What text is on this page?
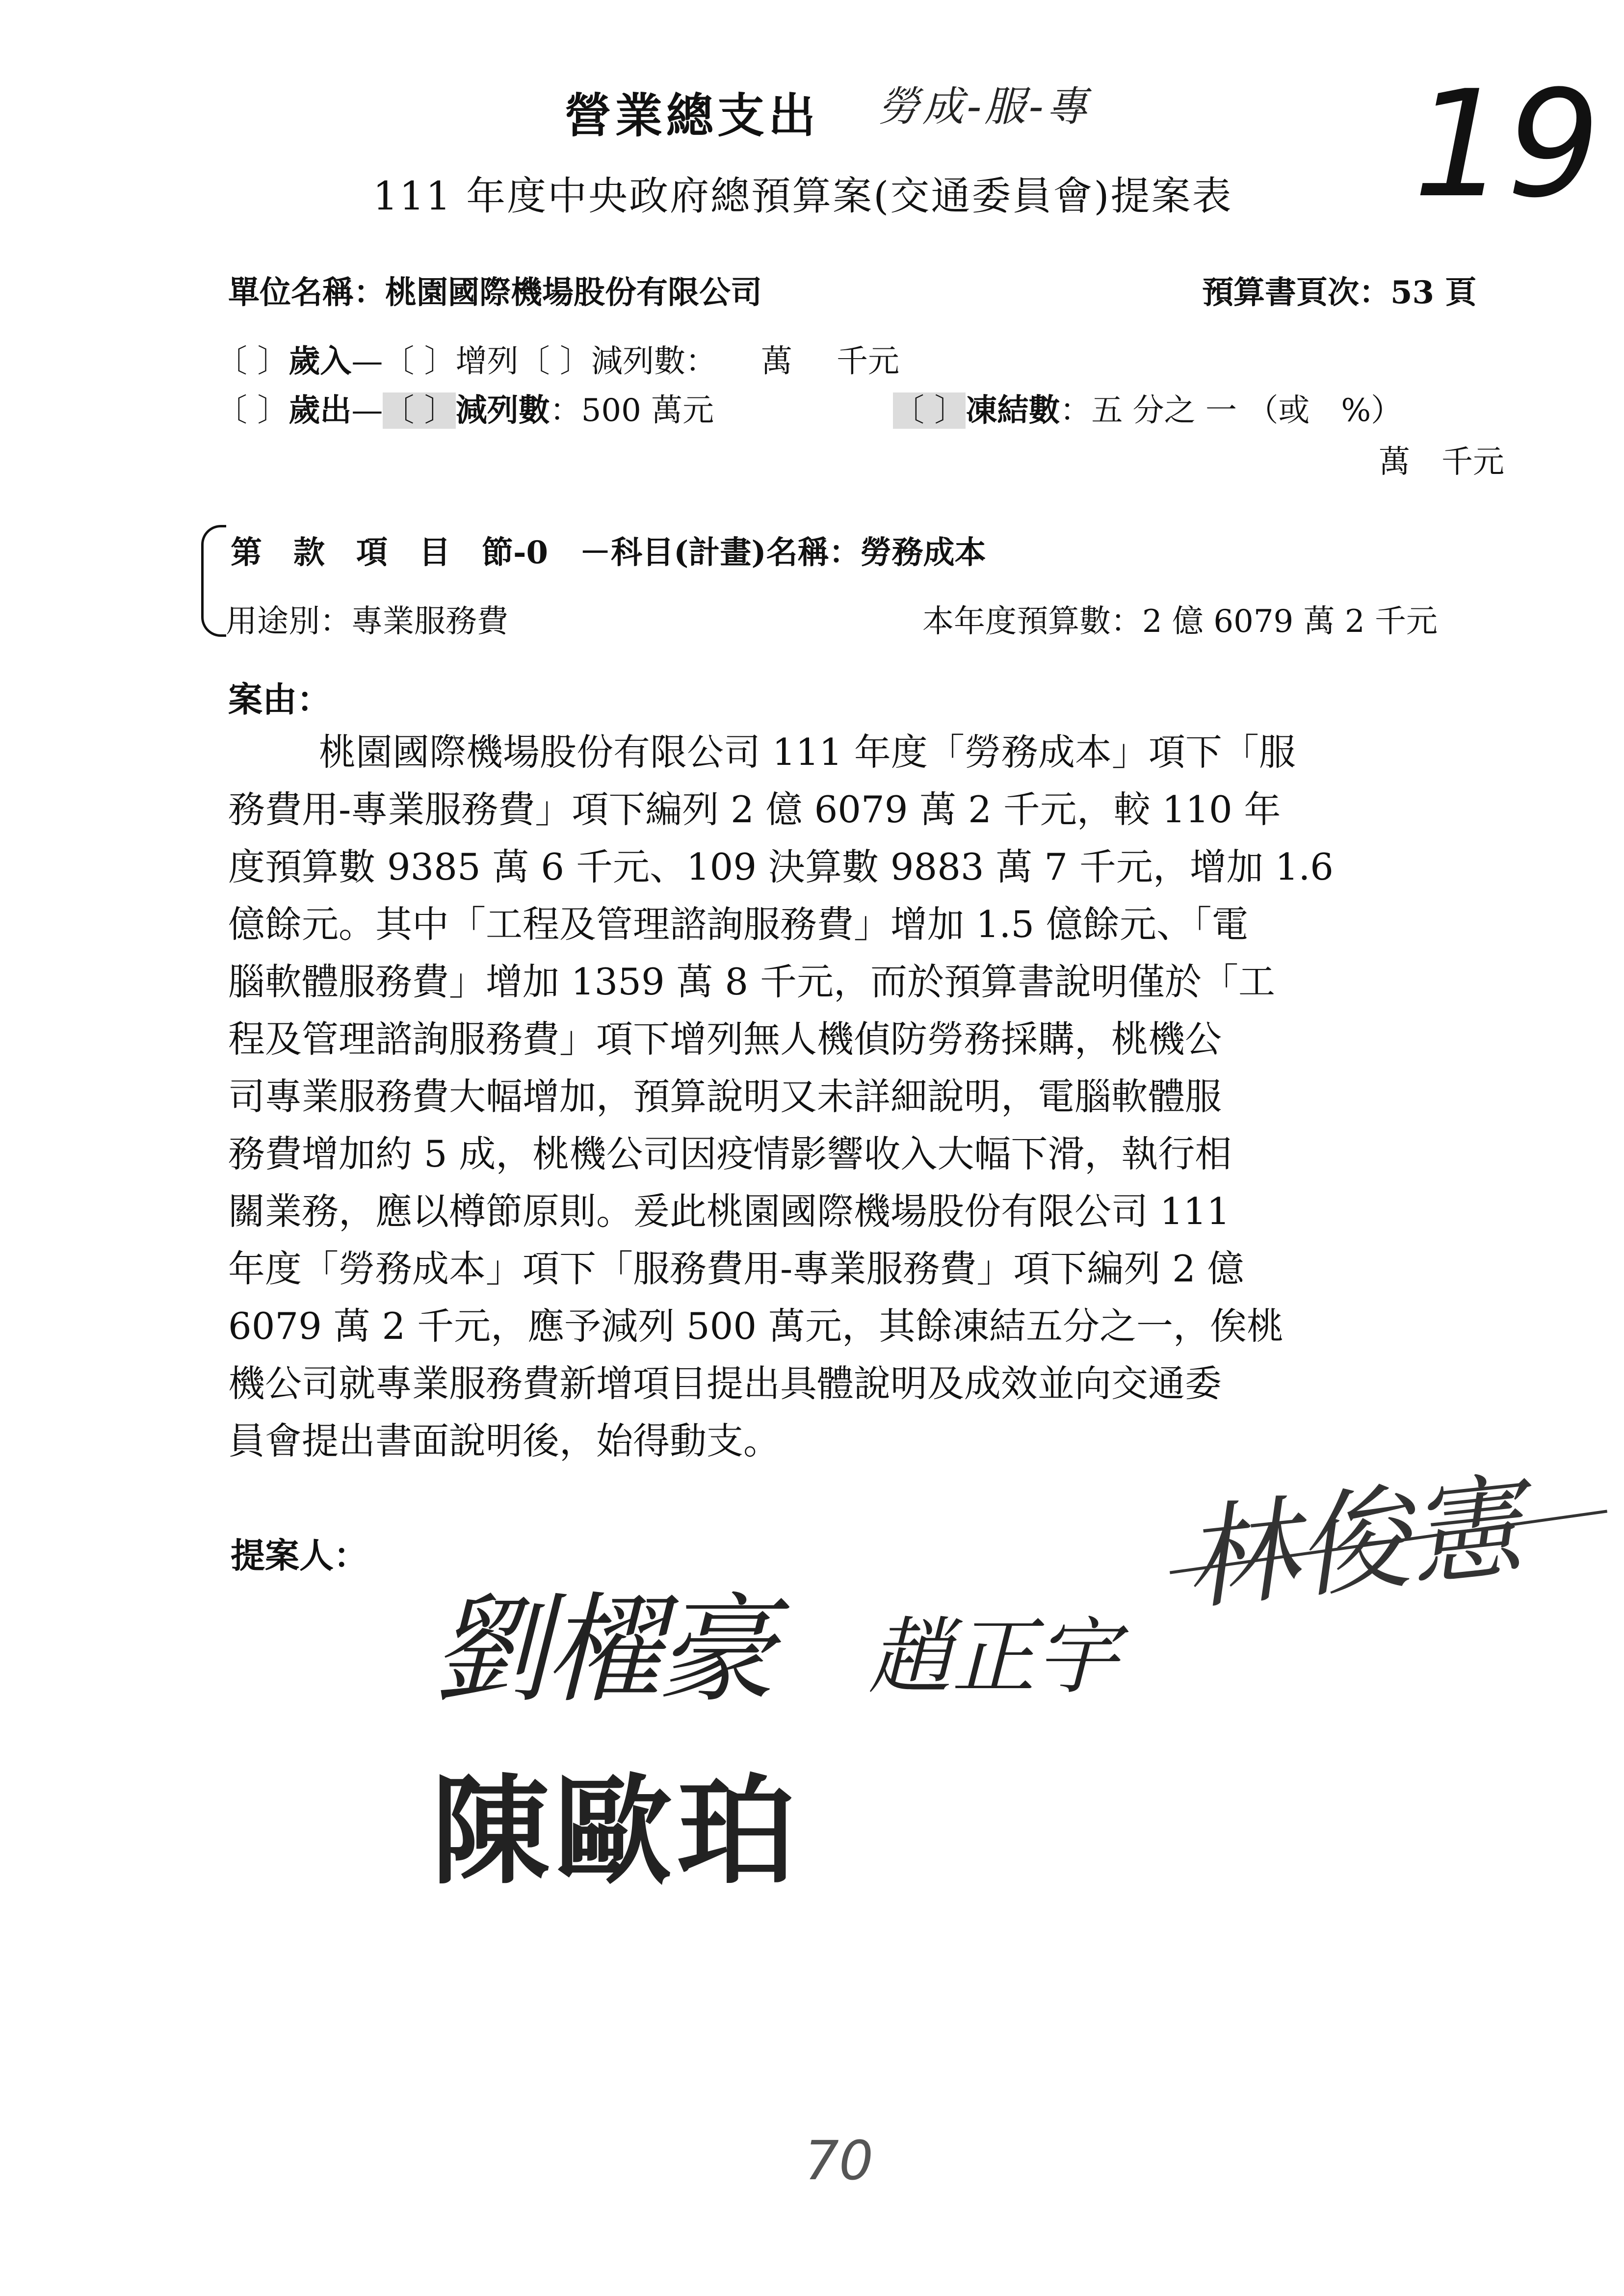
營業總支出 勞成-服-專 19
111 年度中央政府總預算案(交通委員會)提案表
單位名稱：桃園國際機場股份有限公司	預算書頁次：53 頁
〔 〕歲入—〔 〕增列〔 〕減列數： 萬 千元
〔 〕歲出—〔 〕減列數：500 萬元	〔 〕凍結數：五 分之 一 （或　%）
萬　千元
第　款　項　目　節-0　－科目(計畫)名稱：勞務成本
用途別：專業服務費	本年度預算數：2 億 6079 萬 2 千元
案由：
桃園國際機場股份有限公司 111 年度「勞務成本」項下「服
務費用-專業服務費」項下編列 2 億 6079 萬 2 千元，較 110 年
度預算數 9385 萬 6 千元、109 決算數 9883 萬 7 千元，增加 1.6
億餘元。其中「工程及管理諮詢服務費」增加 1.5 億餘元、「電
腦軟體服務費」增加 1359 萬 8 千元，而於預算書說明僅於「工
程及管理諮詢服務費」項下增列無人機偵防勞務採購，桃機公
司專業服務費大幅增加，預算說明又未詳細說明，電腦軟體服
務費增加約 5 成，桃機公司因疫情影響收入大幅下滑，執行相
關業務，應以樽節原則。爰此桃園國際機場股份有限公司 111
年度「勞務成本」項下「服務費用-專業服務費」項下編列 2 億
6079 萬 2 千元，應予減列 500 萬元，其餘凍結五分之一，俟桃
機公司就專業服務費新增項目提出具體說明及成效並向交通委
員會提出書面說明後，始得動支。
提案人：
劉櫂豪 趙正宇
林俊憲
陳歐珀
70
